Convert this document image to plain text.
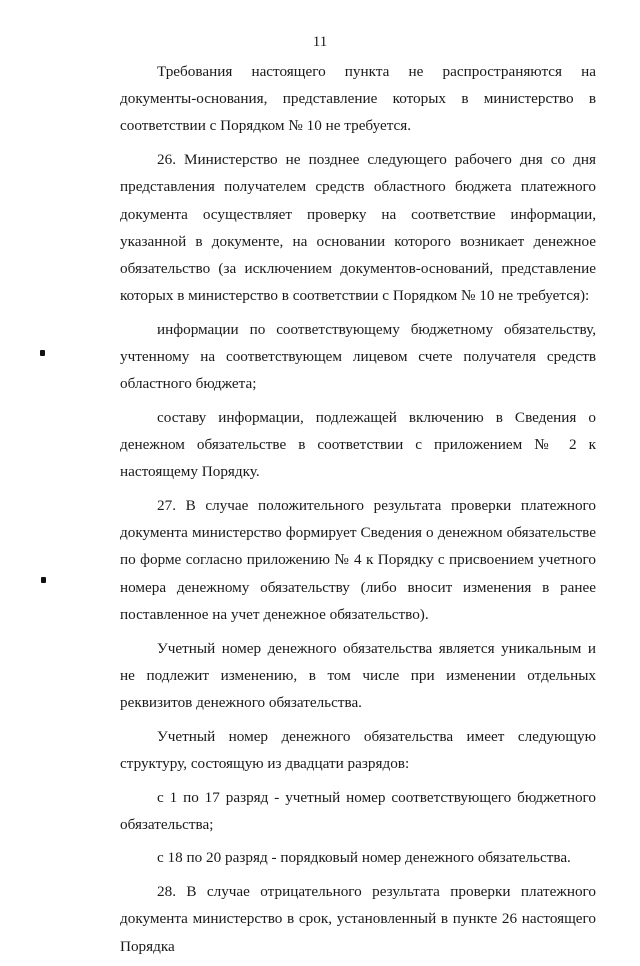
11

Требования настоящего пункта не распространяются на документы-основания, представление которых в министерство в соответствии с Порядком № 10 не требуется.

26. Министерство не позднее следующего рабочего дня со дня представления получателем средств областного бюджета платежного документа осуществляет проверку на соответствие информации, указанной в документе, на основании которого возникает денежное обязательство (за исключением документов-оснований, представление которых в министерство в соответствии с Порядком № 10 не требуется):

информации по соответствующему бюджетному обязательству, учтенному на соответствующем лицевом счете получателя средств областного бюджета;

составу информации, подлежащей включению в Сведения о денежном обязательстве в соответствии с приложением № 2 к настоящему Порядку.

27. В случае положительного результата проверки платежного документа министерство формирует Сведения о денежном обязательстве по форме согласно приложению № 4 к Порядку с присвоением учетного номера денежному обязательству (либо вносит изменения в ранее поставленное на учет денежное обязательство).

Учетный номер денежного обязательства является уникальным и не подлежит изменению, в том числе при изменении отдельных реквизитов денежного обязательства.

Учетный номер денежного обязательства имеет следующую структуру, состоящую из двадцати разрядов:

с 1 по 17 разряд - учетный номер соответствующего бюджетного обязательства;

с 18 по 20 разряд - порядковый номер денежного обязательства.

28. В случае отрицательного результата проверки платежного документа министерство в срок, установленный в пункте 26 настоящего Порядка
